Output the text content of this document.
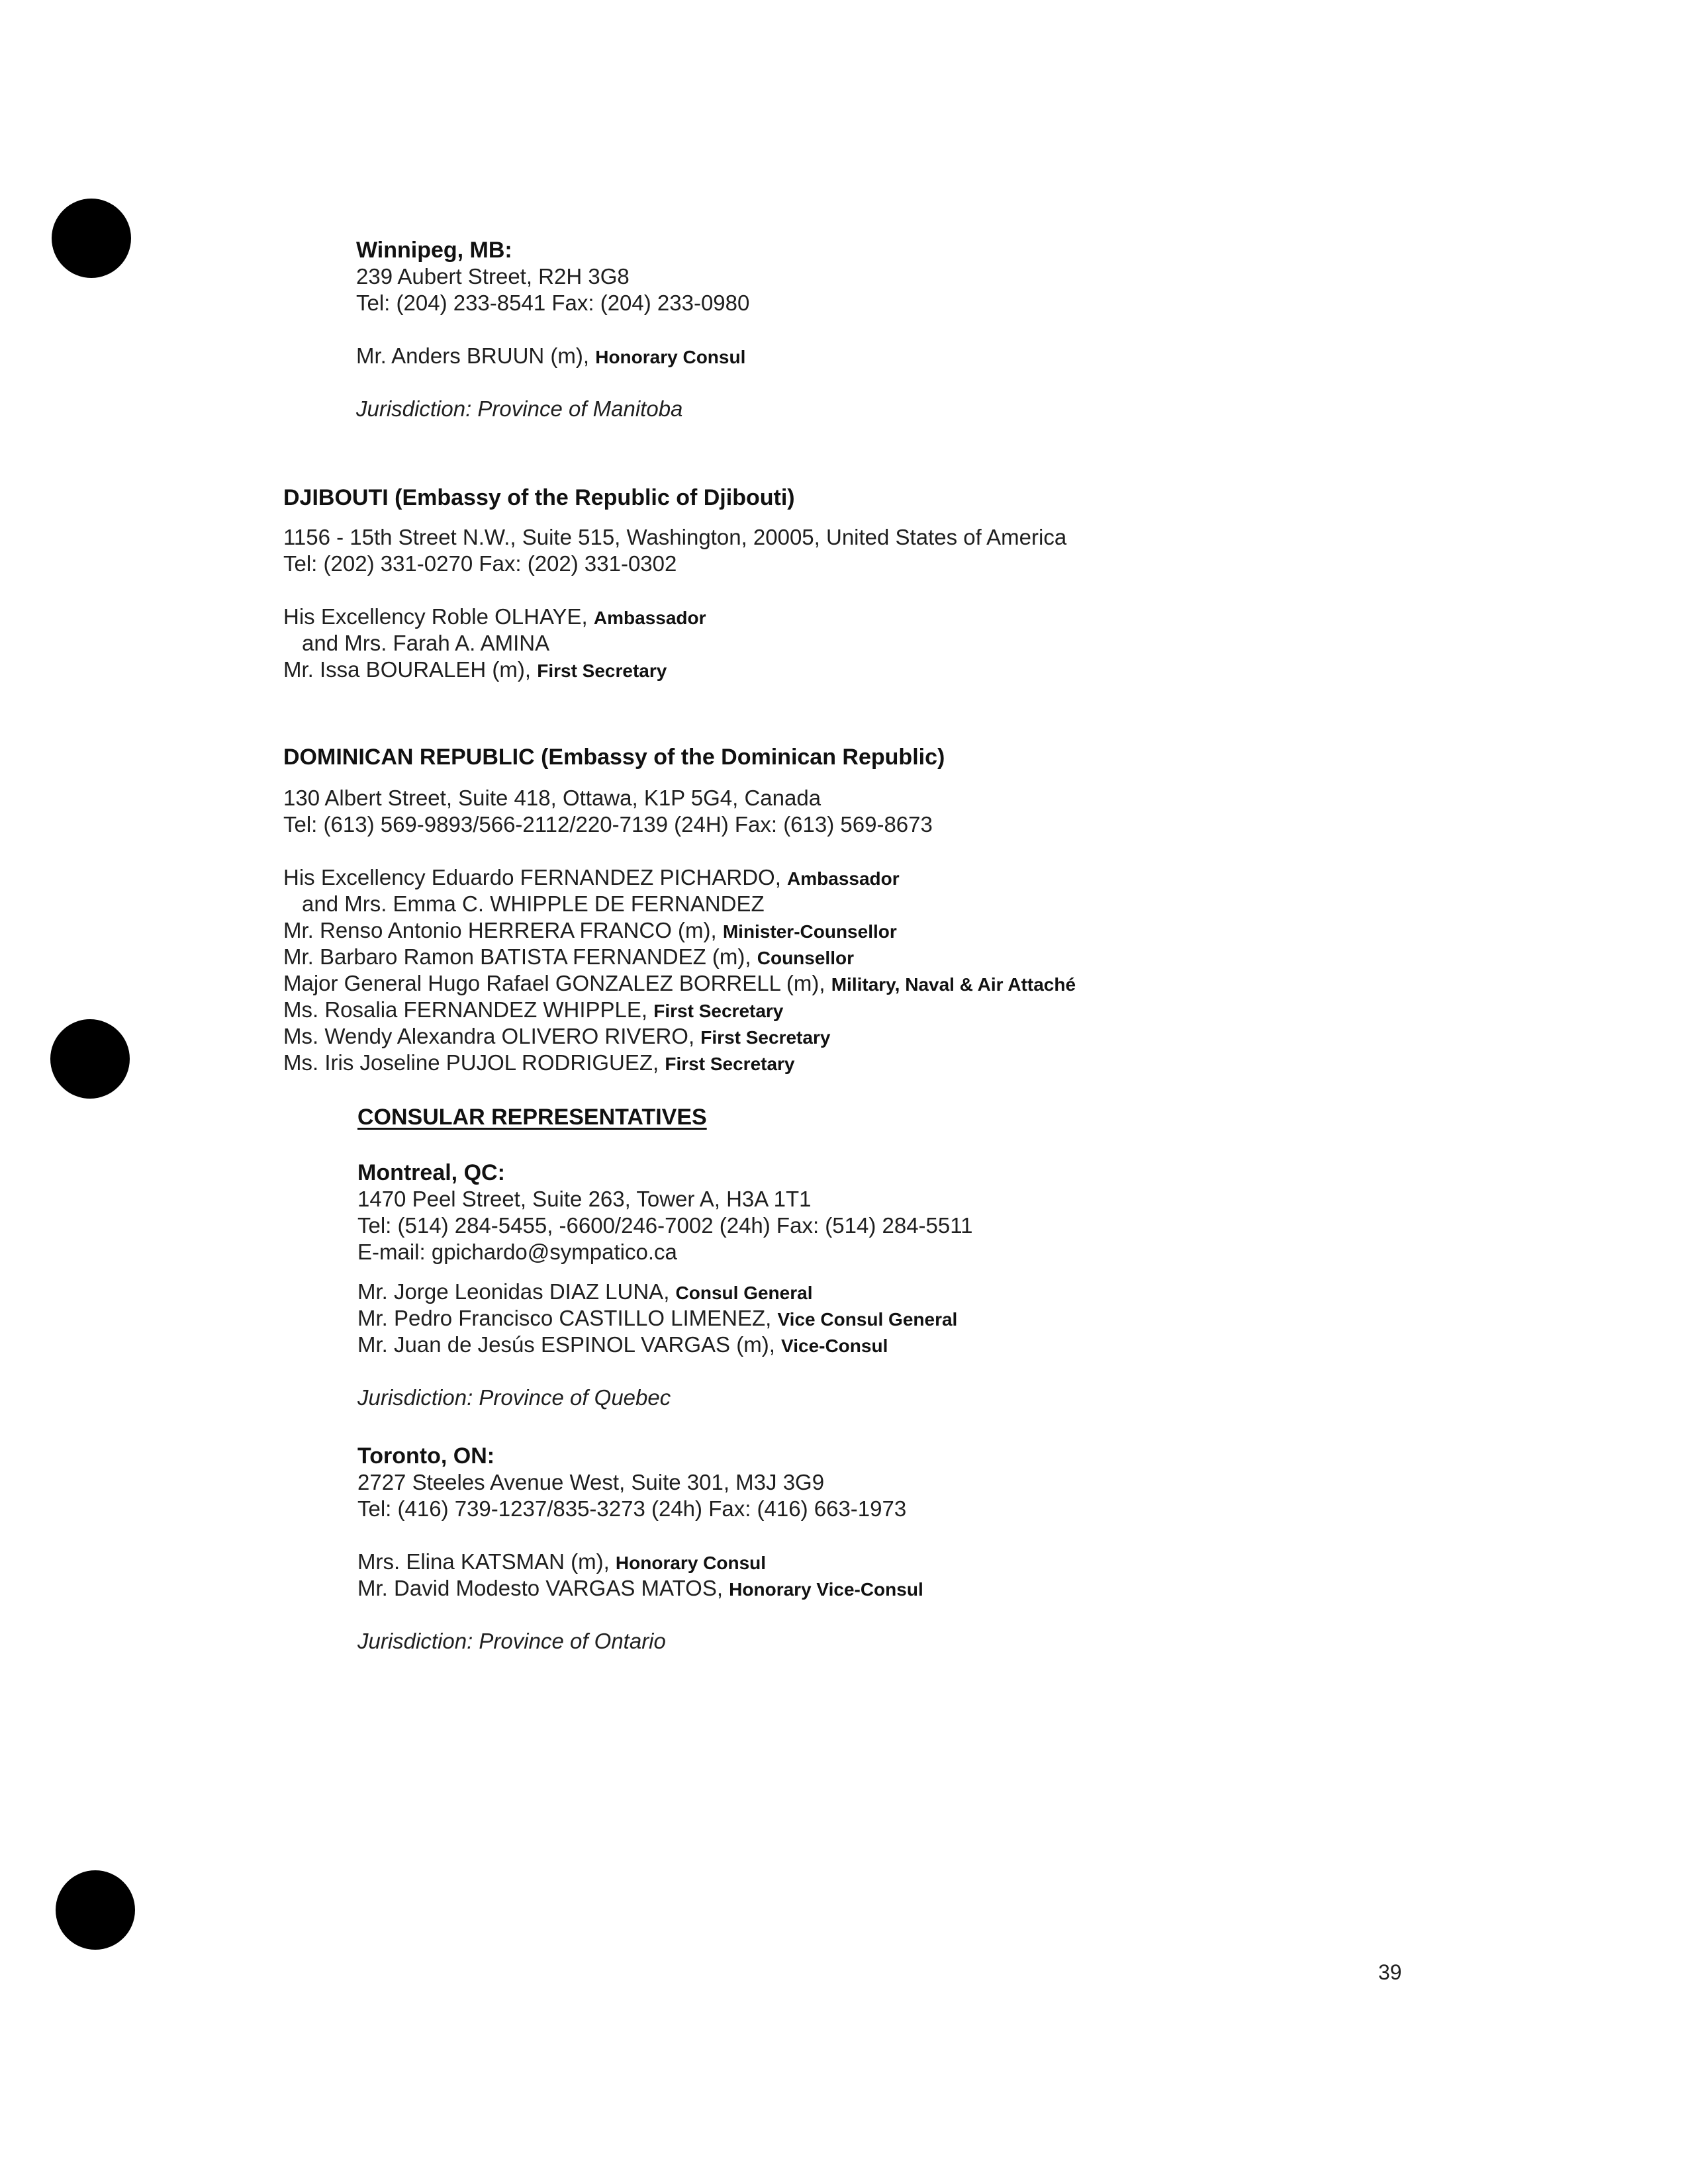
Winnipeg, MB:
239 Aubert Street, R2H 3G8
Tel: (204) 233-8541 Fax: (204) 233-0980
Mr. Anders BRUUN (m), Honorary Consul
Jurisdiction: Province of Manitoba
DJIBOUTI (Embassy of the Republic of Djibouti)
1156 - 15th Street N.W., Suite 515, Washington, 20005, United States of America
Tel: (202) 331-0270 Fax: (202) 331-0302
His Excellency Roble OLHAYE, Ambassador
and Mrs. Farah A. AMINA
Mr. Issa BOURALEH (m), First Secretary
DOMINICAN REPUBLIC (Embassy of the Dominican Republic)
130 Albert Street, Suite 418, Ottawa, K1P 5G4, Canada
Tel: (613) 569-9893/566-2112/220-7139 (24H) Fax: (613) 569-8673
His Excellency Eduardo FERNANDEZ PICHARDO, Ambassador
and Mrs. Emma C. WHIPPLE DE FERNANDEZ
Mr. Renso Antonio HERRERA FRANCO (m), Minister-Counsellor
Mr. Barbaro Ramon BATISTA FERNANDEZ (m), Counsellor
Major General Hugo Rafael GONZALEZ BORRELL (m), Military, Naval & Air Attaché
Ms. Rosalia FERNANDEZ WHIPPLE, First Secretary
Ms. Wendy Alexandra OLIVERO RIVERO, First Secretary
Ms. Iris Joseline PUJOL RODRIGUEZ, First Secretary
CONSULAR REPRESENTATIVES
Montreal, QC:
1470 Peel Street, Suite 263, Tower A, H3A 1T1
Tel: (514) 284-5455, -6600/246-7002 (24h) Fax: (514) 284-5511
E-mail: gpichardo@sympatico.ca
Mr. Jorge Leonidas DIAZ LUNA, Consul General
Mr. Pedro Francisco CASTILLO LIMENEZ, Vice Consul General
Mr. Juan de Jesús ESPINOL VARGAS (m), Vice-Consul
Jurisdiction: Province of Quebec
Toronto, ON:
2727 Steeles Avenue West, Suite 301, M3J 3G9
Tel: (416) 739-1237/835-3273 (24h) Fax: (416) 663-1973
Mrs. Elina KATSMAN (m), Honorary Consul
Mr. David Modesto VARGAS MATOS, Honorary Vice-Consul
Jurisdiction: Province of Ontario
39
